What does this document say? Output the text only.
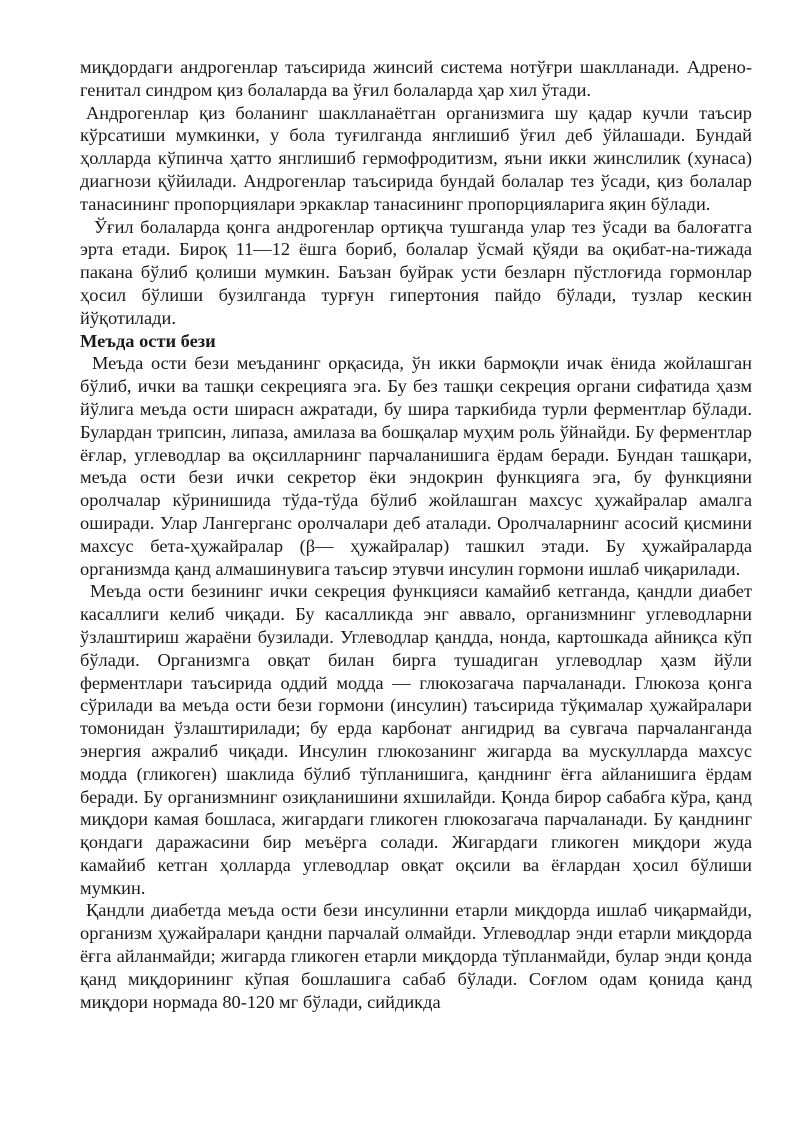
миқдордаги андрогенлар таъсирида жинсий система нотўғри шаклланади. Адрено-генитал синдром қиз болаларда ва ўғил болаларда ҳар хил ўтади.

Андрогенлар қиз боланинг шаклланаётган организмига шу қадар кучли таъсир кўрсатиши мумкинки, у бола туғилганда янглишиб ўғил деб ўйлашади. Бундай ҳолларда кўпинча ҳатто янглишиб гермофродитизм, яъни икки жинслилик (хунаса) диагнози қўйилади. Андрогенлар таъсирида бундай болалар тез ўсади, қиз болалар танасининг пропорциялари эркаклар танасининг пропорцияларига яқин бўлади.

Ўғил болаларда қонга андрогенлар ортиқча тушганда улар тез ўсади ва балоғатга эрта етади. Бироқ 11—12 ёшга бориб, болалар ўсмай қўяди ва оқибат-на-тижада пакана бўлиб қолиши мумкин. Баъзан буйрак усти безларн пўстлоғида гормонлар ҳосил бўлиши бузилганда турғун гипертония пайдо бўлади, тузлар кескин йўқотилади.

Меъда ости бези

Меъда ости бези меъданинг орқасида, ўн икки бармоқли ичак ёнида жойлашган бўлиб, ички ва ташқи секрецияга эга. Бу без ташқи секреция органи сифатида ҳазм йўлига меъда ости ширасн ажратади, бу шира таркибида турли ферментлар бўлади. Булардан трипсин, липаза, амилаза ва бошқалар муҳим роль ўйнайди. Бу ферментлар ёғлар, углеводлар ва оқсилларнинг парчаланишига ёрдам беради. Бундан ташқари, меъда ости бези ички секретор ёки эндокрин функцияга эга, бу функцияни оролчалар кўринишида тўда-тўда бўлиб жойлашган махсус ҳужайралар амалга оширади. Улар Лангерганс оролчалари деб аталади. Оролчаларнинг асосий қисмини махсус бета-ҳужайралар (β— ҳужайралар) ташкил этади. Бу ҳужайраларда организмда қанд алмашинувига таъсир этувчи инсулин гормони ишлаб чиқарилади.

Меъда ости безининг ички секреция функцияси камайиб кетганда, қандли диабет касаллиги келиб чиқади. Бу касалликда энг аввало, организмнинг углеводларни ўзлаштириш жараёни бузилади. Углеводлар қандда, нонда, картошкада айниқса кўп бўлади. Организмга овқат билан бирга тушадиган углеводлар ҳазм йўли ферментлари таъсирида оддий модда — глюкозагача парчаланади. Глюкоза қонга сўрилади ва меъда ости бези гормони (инсулин) таъсирида тўқималар ҳужайралари томонидан ўзлаштирилади; бу ерда карбонат ангидрид ва сувгача парчаланганда энергия ажралиб чиқади. Инсулин глюкозанинг жигарда ва мускулларда махсус модда (гликоген) шаклида бўлиб тўпланишига, қанднинг ёғга айланишига ёрдам беради. Бу организмнинг озиқланишини яхшилайди. Қонда бирор сабабга кўра, қанд миқдори камая бошласа, жигардаги гликоген глюкозагача парчаланади. Бу қанднинг қондаги даражасини бир меъёрга солади. Жигардаги гликоген миқдори жуда камайиб кетган ҳолларда углеводлар овқат оқсили ва ёғлардан ҳосил бўлиши мумкин.

Қандли диабетда меъда ости бези инсулинни етарли миқдорда ишлаб чиқармайди, организм ҳужайралари қандни парчалай олмайди. Углеводлар энди етарли миқдорда ёғга айланмайди; жигарда гликоген етарли миқдорда тўпланмайди, булар энди қонда қанд миқдорининг кўпая бошлашига сабаб бўлади. Соғлом одам қонида қанд миқдори нормада 80-120 мг бўлади, сийдикда
